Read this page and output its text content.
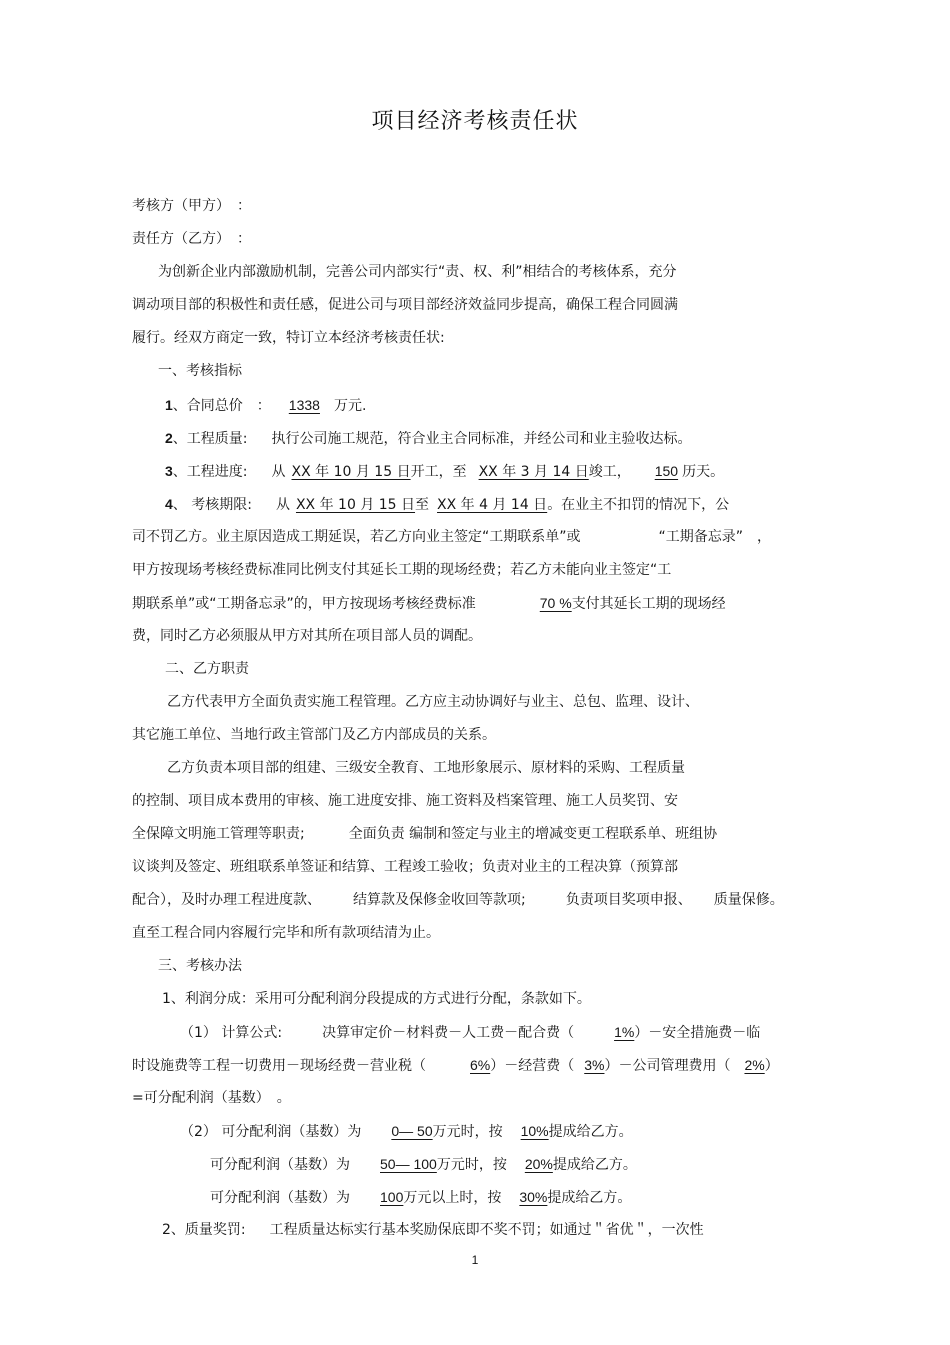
项目经济考核责任状
考核方（甲方）　：
责任方（乙方）　：
为创新企业内部激励机制，完善公司内部实行“责、权、利”相结合的考核体系，充分
调动项目部的积极性和责任感，促进公司与项目部经济效益同步提高，确保工程合同圆满
履行。经双方商定一致，特订立本经济考核责任状:
一、考核指标
1、合同总价　： 1338 万元.
2、工程质量: 执行公司施工规范，符合业主合同标准，并经公司和业主验收达标。
3、工程进度: 从 XX 年 10 月 15 日开工，至 XX 年 3 月 14 日竣工， 150 历天。
4、 考核期限: 从 XX 年 10 月 15 日至 XX 年 4 月 14 日。在业主不扣罚的情况下，公
司不罚乙方。业主原因造成工期延误，若乙方向业主签定“工期联系单”或	“工期备忘录”　，
甲方按现场考核经费标准同比例支付其延长工期的现场经费；若乙方未能向业主签定“工
期联系单”或“工期备忘录”的，甲方按现场考核经费标准	70 %支付其延长工期的现场经
费，同时乙方必须服从甲方对其所在项目部人员的调配。
二、乙方职责
乙方代表甲方全面负责实施工程管理。乙方应主动协调好与业主、总包、监理、设计、
其它施工单位、当地行政主管部门及乙方内部成员的关系。
乙方负责本项目部的组建、三级安全教育、工地形象展示、原材料的采购、工程质量
的控制、项目成本费用的审核、施工进度安排、施工资料及档案管理、施工人员奖罚、安
全保障文明施工管理等职责;	全面负责 编制和签定与业主的增减变更工程联系单、班组协
议谈判及签定、班组联系单签证和结算、工程竣工验收；负责对业主的工程决算（预算部
配合），及时办理工程进度款、 结算款及保修金收回等款项;	负责项目奖项申报、 质量保修。
直至工程合同内容履行完毕和所有款项结清为止。
三、考核办法
1、利润分成：采用可分配利润分段提成的方式进行分配，条款如下。
（1） 计算公式:	决算审定价－材料费－人工费－配合费（	1%）－安全措施费－临
时设施费等工程一切费用－现场经费－营业税（	6%）－经营费（ 3%）－公司管理费用（ 2%）
=可分配利润（基数）　。
（2） 可分配利润（基数）为 0— 50万元时，按 10%提成给乙方。
可分配利润（基数）为 50— 100万元时，按 20%提成给乙方。
可分配利润（基数）为 100万元以上时，按 30%提成给乙方。
2、质量奖罚: 工程质量达标实行基本奖励保底即不奖不罚；如通过＂省优＂，一次性
1
